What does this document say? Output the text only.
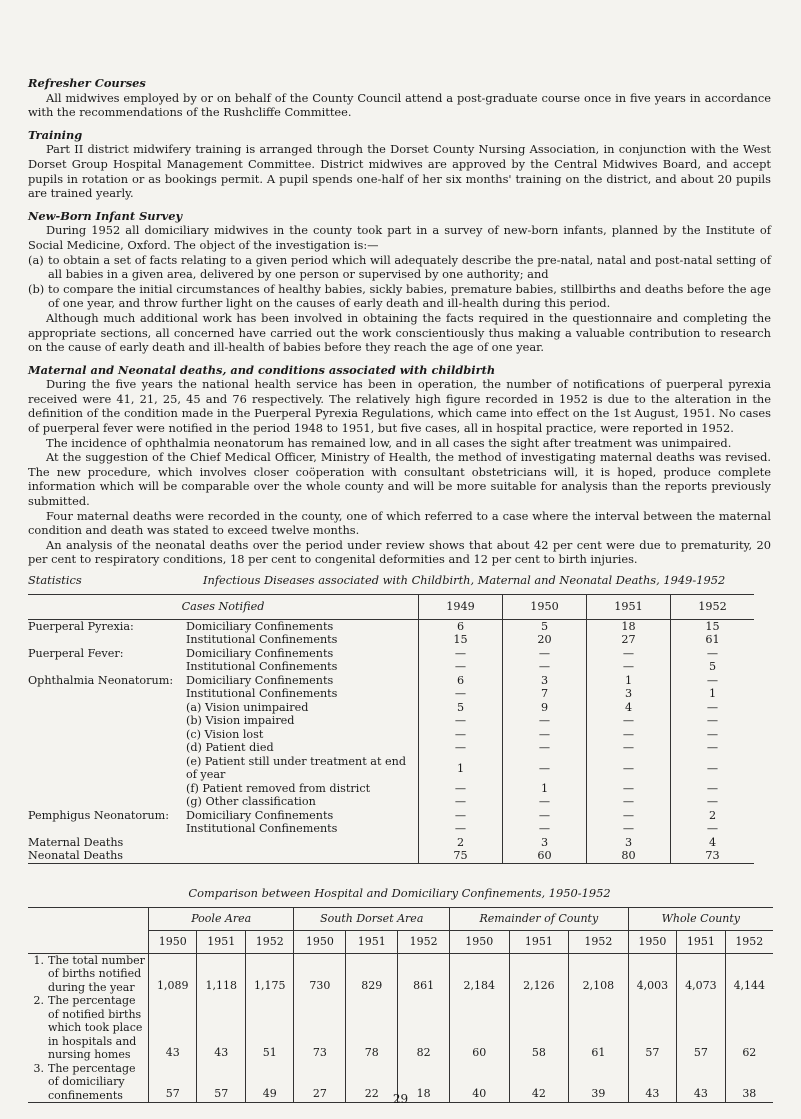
Refresher Courses

All midwives employed by or on behalf of the County Council attend a post-graduate course once in five years in accordance with the recommendations of the Rushcliffe Committee.

Training

Part II district midwifery training is arranged through the Dorset County Nursing Association, in conjunction with the West Dorset Group Hospital Management Committee. District midwives are approved by the Central Midwives Board, and accept pupils in rotation or as bookings permit. A pupil spends one-half of her six months' training on the district, and about 20 pupils are trained yearly.

New-Born Infant Survey

During 1952 all domiciliary midwives in the county took part in a survey of new-born infants, planned by the Institute of Social Medicine, Oxford. The object of the investigation is:—

(a) to obtain a set of facts relating to a given period which will adequately describe the pre-natal, natal and post-natal setting of all babies in a given area, delivered by one person or supervised by one authority; and
(b) to compare the initial circumstances of healthy babies, sickly babies, premature babies, stillbirths and deaths before the age of one year, and throw further light on the causes of early death and ill-health during this period.

Although much additional work has been involved in obtaining the facts required in the questionnaire and completing the appropriate sections, all concerned have carried out the work conscientiously thus making a valuable contribution to research on the cause of early death and ill-health of babies before they reach the age of one year.

Maternal and Neonatal deaths, and conditions associated with childbirth

During the five years the national health service has been in operation, the number of notifications of puerperal pyrexia received were 41, 21, 25, 45 and 76 respectively. The relatively high figure recorded in 1952 is due to the alteration in the definition of the condition made in the Puerperal Pyrexia Regulations, which came into effect on the 1st August, 1951. No cases of puerperal fever were notified in the period 1948 to 1951, but five cases, all in hospital practice, were reported in 1952.

The incidence of ophthalmia neonatorum has remained low, and in all cases the sight after treatment was unimpaired.

At the suggestion of the Chief Medical Officer, Ministry of Health, the method of investigating maternal deaths was revised. The new procedure, which involves closer coöperation with consultant obstetricians will, it is hoped, produce complete information which will be comparable over the whole county and will be more suitable for analysis than the reports previously submitted.

Four maternal deaths were recorded in the county, one of which referred to a case where the interval between the maternal condition and death was stated to exceed twelve months.

An analysis of the neonatal deaths over the period under review shows that about 42 per cent were due to prematurity, 20 per cent to respiratory conditions, 18 per cent to congenital deformities and 12 per cent to birth injuries.

Statistics	Infectious Diseases associated with Childbirth, Maternal and Neonatal Deaths, 1949-1952
Cases Notified		1949	1950	1951	1952
Puerperal Pyrexia:	Domiciliary Confinements	6	5	18	15
	Institutional Confinements	15	20	27	61
Puerperal Fever:	Domiciliary Confinements	—	—	—	—
	Institutional Confinements	—	—	—	5
Ophthalmia Neonatorum:	Domiciliary Confinements	6	3	1	—
	Institutional Confinements	—	7	3	1
	(a) Vision unimpaired	5	9	4	—
	(b) Vision impaired	—	—	—	—
	(c) Vision lost	—	—	—	—
	(d) Patient died	—	—	—	—
	(e) Patient still under treatment at end of year	1	—	—	—
	(f) Patient removed from district	—	1	—	—
	(g) Other classification	—	—	—	—
Pemphigus Neonatorum:	Domiciliary Confinements	—	—	—	2
	Institutional Confinements	—	—	—	—
Maternal Deaths		2	3	3	4
Neonatal Deaths		75	60	80	73
Comparison between Hospital and Domiciliary Confinements, 1950-1952
	Poole Area			South Dorset Area			Remainder of County			Whole County		
	1950	1951	1952	1950	1951	1952	1950	1951	1952	1950	1951	1952

1. The total number of births notified during the year	1,089	1,118	1,175	730	829	861	2,184	2,126	2,108	4,003	4,073	4,144

2. The percentage of notified births which took place in hospitals and nursing homes	43	43	51	73	78	82	60	58	61	57	57	62

3. The percentage of domiciliary confinements	57	57	49	27	22	18	40	42	39	43	43	38
29
